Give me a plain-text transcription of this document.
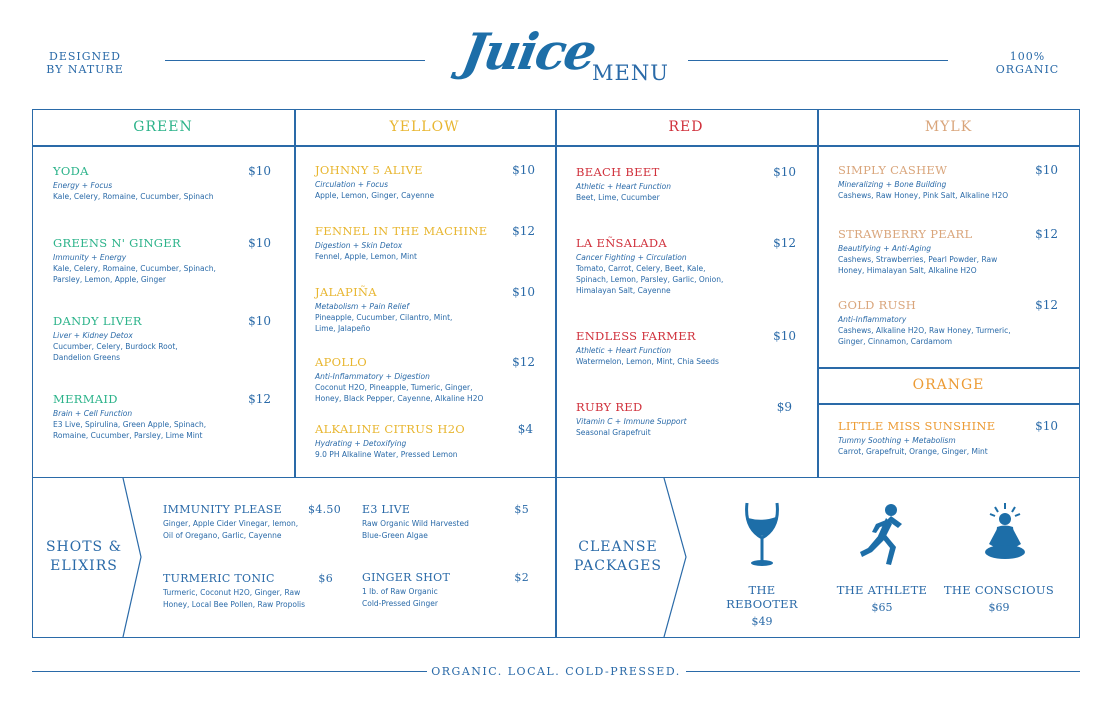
DESIGNED
BY NATURE	Juice
MENU
100%
ORGANIC
GREEN	YELLOW	RED	MYLK
ORANGE
YODA	$10
Energy + Focus
Kale, Celery, Romaine, Cucumber, Spinach
GREENS N' GINGER	$10
Immunity + Energy
Kale, Celery, Romaine, Cucumber, Spinach,
Parsley, Lemon, Apple, Ginger
DANDY LIVER	$10
Liver + Kidney Detox
Cucumber, Celery, Burdock Root,
Dandelion Greens
MERMAID	$12
Brain + Cell Function
E3 Live, Spirulina, Green Apple, Spinach,
Romaine, Cucumber, Parsley, Lime Mint
JOHNNY 5 ALIVE	$10
Circulation + Focus
Apple, Lemon, Ginger, Cayenne
FENNEL IN THE MACHINE	$12
Digestion + Skin Detox
Fennel, Apple, Lemon, Mint
JALAPIÑA	$10
Metabolism + Pain Relief
Pineapple, Cucumber, Cilantro, Mint,
Lime, Jalapeño
APOLLO	$12
Anti-Inflammatory + Digestion
Coconut H2O, Pineapple, Tumeric, Ginger,
Honey, Black Pepper, Cayenne, Alkaline H2O
ALKALINE CITRUS H2O	$4
Hydrating + Detoxifying
9.0 PH Alkaline Water, Pressed Lemon
BEACH BEET	$10
Athletic + Heart Function
Beet, Lime, Cucumber
LA EÑSALADA	$12
Cancer Fighting + Circulation
Tomato, Carrot, Celery, Beet, Kale,
Spinach, Lemon, Parsley, Garlic, Onion,
Himalayan Salt, Cayenne
ENDLESS FARMER	$10
Athletic + Heart Function
Watermelon, Lemon, Mint, Chia Seeds
RUBY RED	$9
Vitamin C + Immune Support
Seasonal Grapefruit
SIMPLY CASHEW	$10
Mineralizing + Bone Building
Cashews, Raw Honey, Pink Salt, Alkaline H2O
STRAWBERRY PEARL	$12
Beautifying + Anti-Aging
Cashews, Strawberries, Pearl Powder, Raw
Honey, Himalayan Salt, Alkaline H2O
GOLD RUSH	$12
Anti-Inflammatory
Cashews, Alkaline H2O, Raw Honey, Turmeric,
Ginger, Cinnamon, Cardamom
LITTLE MISS SUNSHINE	$10
Tummy Soothing + Metabolism
Carrot, Grapefruit, Orange, Ginger, Mint
SHOTS &
ELIXIRS
IMMUNITY PLEASE	$4.50
Ginger, Apple Cider Vinegar, lemon,
Oil of Oregano, Garlic, Cayenne
E3 LIVE	$5
Raw Organic Wild Harvested
Blue-Green Algae
TURMERIC TONIC	$6
Turmeric, Coconut H2O, Ginger, Raw
Honey, Local Bee Pollen, Raw Propolis
GINGER SHOT	$2
1 lb. of Raw Organic
Cold-Pressed Ginger
CLEANSE
PACKAGES
THE REBOOTER
$49
THE ATHLETE
$65
THE CONSCIOUS
$69
ORGANIC. LOCAL. COLD-PRESSED.
